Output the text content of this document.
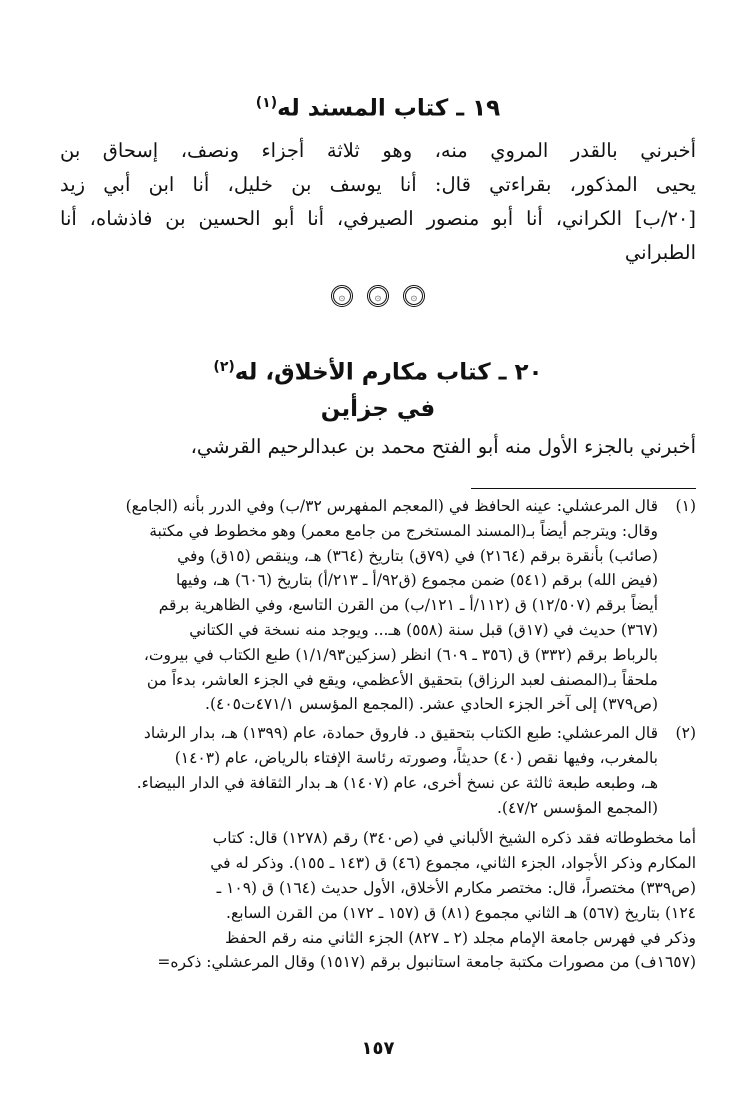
١٩ ـ كتاب المسند له$^{(١)}$
أخبرني بالقدر المروي منه، وهو ثلاثة أجزاء ونصف، إسحاق بن
يحيى المذكور، بقراءتي قال: أنا يوسف بن خليل، أنا ابن أبي زيد
[٢٠/ب] الكراني، أنا أبو منصور الصيرفي، أنا أبو الحسين بن فاذشاه، أنا
الطبراني
۞	۞	۞
٢٠ ـ كتاب مكارم الأخلاق، له$^{(٢)}$
في جزأين
أخبرني بالجزء الأول منه أبو الفتح محمد بن عبدالرحيم القرشي،
(١)
قال المرعشلي: عينه الحافظ في (المعجم المفهرس ٣٢/ب) وفي الدرر بأنه (الجامع)
وقال: ويترجم أيضاً بـ(المسند المستخرج من جامع معمر) وهو مخطوط في مكتبة
(صائب) بأنقرة برقم (٢١٦٤) في (٧٩ق) بتاريخ (٣٦٤) هـ، وينقص (١٥ق) وفي
(فيض الله) برقم (٥٤١) ضمن مجموع (ق٩٢/أ ـ ٢١٣/أ) بتاريخ (٦٠٦) هـ، وفيها
أيضاً برقم (١٢/٥٠٧) ق (١١٢/أ ـ ١٢١/ب) من القرن التاسع، وفي الظاهرية برقم
(٣٦٧) حديث في (١٧ق) قبل سنة (٥٥٨) هـ... ويوجد منه نسخة في الكتاني
بالرباط برقم (٣٣٢) ق (٣٥٦ ـ ٦٠٩) انظر (سزكين١/١/٩٣) طبع الكتاب في بيروت،
ملحقاً بـ(المصنف لعبد الرزاق) بتحقيق الأعظمي، ويقع في الجزء العاشر، بدءاً من
(ص٣٧٩) إلى آخر الجزء الحادي عشر. (المجمع المؤسس ٤٧١/١ت٤٠٥).
(٢)
قال المرعشلي: طبع الكتاب بتحقيق د. فاروق حمادة، عام (١٣٩٩) هـ، بدار الرشاد
بالمغرب، وفيها نقص (٤٠) حديثاً، وصورته رئاسة الإفتاء بالرياض، عام (١٤٠٣)
هـ، وطبعه طبعة ثالثة عن نسخ أخرى، عام (١٤٠٧) هـ بدار الثقافة في الدار البيضاء.
(المجمع المؤسس ٤٧/٢).
أما مخطوطاته فقد ذكره الشيخ الألباني في (ص٣٤٠) رقم (١٢٧٨) قال: كتاب
المكارم وذكر الأجواد، الجزء الثاني، مجموع (٤٦) ق (١٤٣ ـ ١٥٥). وذكر له في
(ص٣٣٩) مختصراً، قال: مختصر مكارم الأخلاق، الأول حديث (١٦٤) ق (١٠٩ ـ
١٢٤) بتاريخ (٥٦٧) هـ الثاني مجموع (٨١) ق (١٥٧ ـ ١٧٢) من القرن السابع.
وذكر في فهرس جامعة الإمام مجلد (٢ ـ ٨٢٧) الجزء الثاني منه رقم الحفظ
(١٦٥٧ف) من مصورات مكتبة جامعة استانبول برقم (١٥١٧) وقال المرعشلي: ذكره=
١٥٧
